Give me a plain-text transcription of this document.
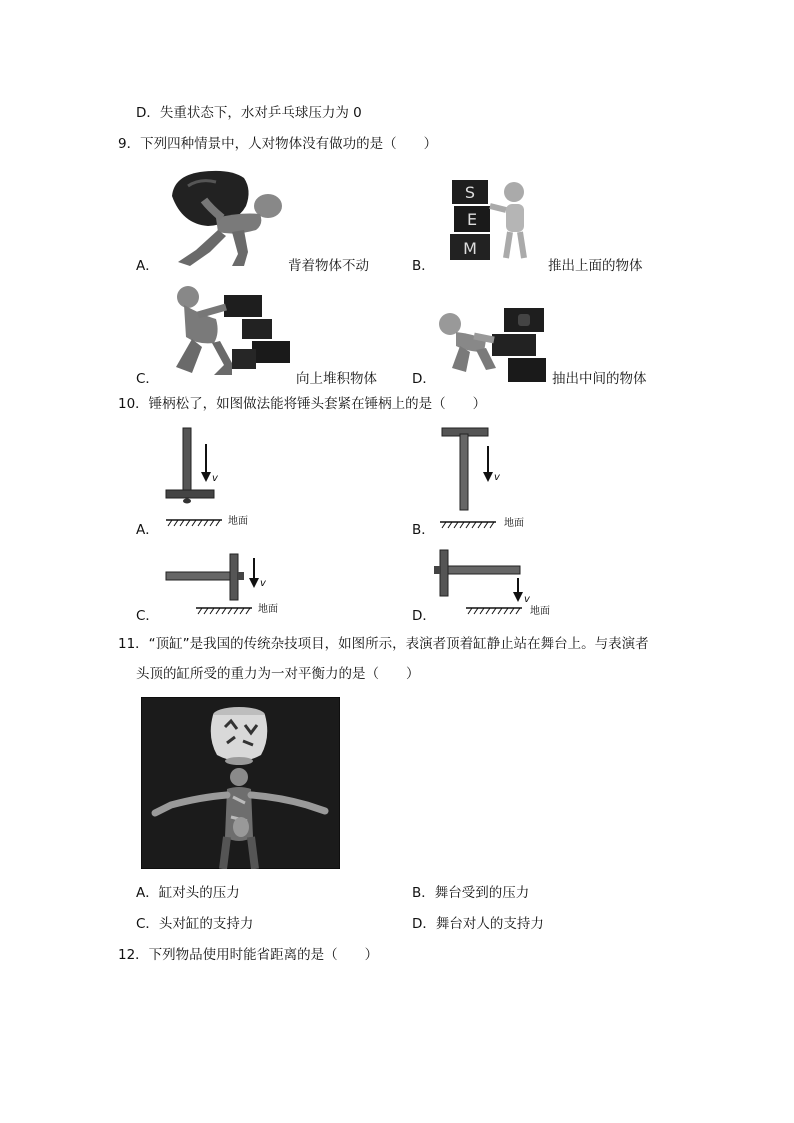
D．失重状态下，水对乒乓球压力为 0
9．下列四种情景中，人对物体没有做功的是（　　）
A．	背着物体不动
S
E
M
B．	推出上面的物体
C．	向上堆积物体	D．	抽出中间的物体
10．锤柄松了，如图做法能将锤头套紧在锤柄上的是（　　）
v
地面
A．
v
地面
B．
v
地面
C．
v
地面
D．
11．“顶缸”是我国的传统杂技项目，如图所示，表演者顶着缸静止站在舞台上。与表演者
头顶的缸所受的重力为一对平衡力的是（　　）
A．缸对头的压力	B．舞台受到的压力
C．头对缸的支持力	D．舞台对人的支持力
12．下列物品使用时能省距离的是（　　）
